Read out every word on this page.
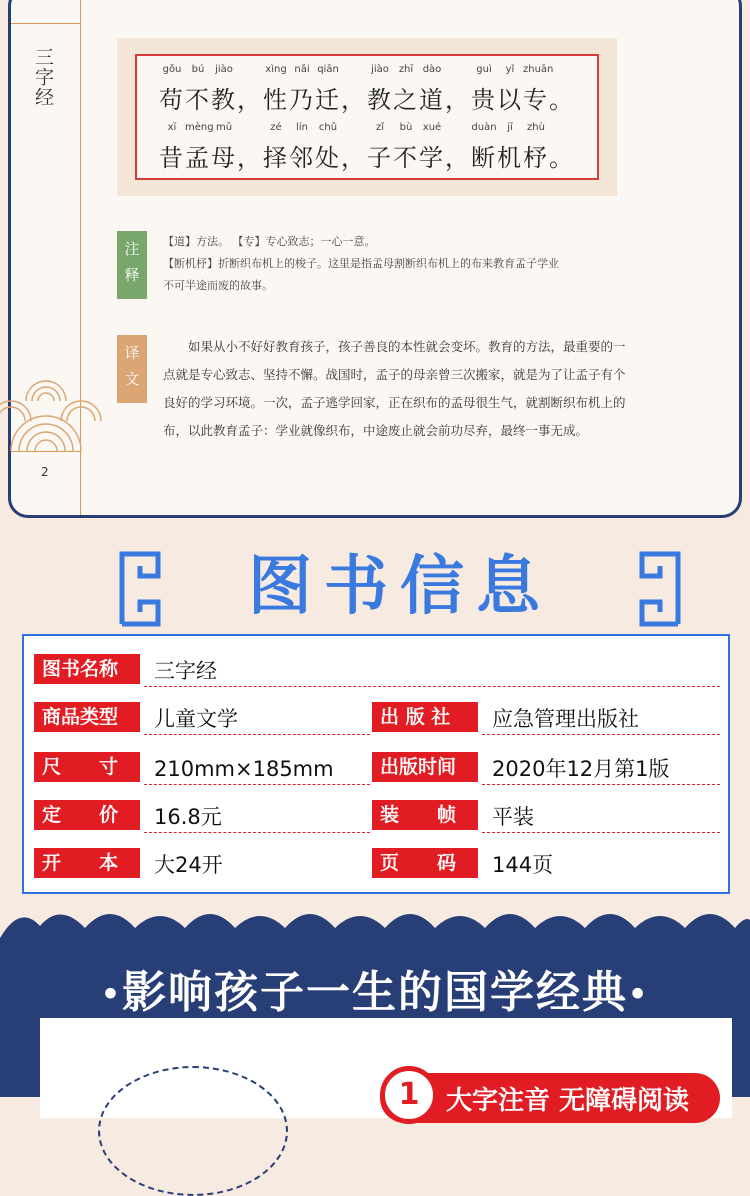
三字经
2
gǒu	bú	jiào	xìng nǎi qiān	jiào zhī dào	guì	yǐ zhuān
苟不教，性乃迁，教之道，贵以专。
xī mèng mǔ	zé	lín	chǔ	zǐ	bù	xué	duàn	jī	zhù
昔孟母，择邻处，子不学，断机杼。
注
释
【道】方法。 【专】专心致志；一心一意。
【断机杼】折断织布机上的梭子。这里是指孟母割断织布机上的布来教育孟子学业
不可半途而废的故事。
译
文
如果从小不好好教育孩子，孩子善良的本性就会变坏。教育的方法，最重要的一点就是专心致志、坚持不懈。战国时，孟子的母亲曾三次搬家，就是为了让孟子有个良好的学习环境。一次，孟子逃学回家，正在织布的孟母很生气，就割断织布机上的布，以此教育孟子：学业就像织布，中途废止就会前功尽弃，最终一事无成。
图书信息
图书名称	三字经
商品类型	儿童文学	出 版 社	应急管理出版社
尺　　寸	210mm×185mm	出版时间	2020年12月第1版
定　　价	16.8元	装　　帧	平装
开　　本	大24开	页　　码	144页
•影响孩子一生的国学经典•
1	大字注音 无障碍阅读
